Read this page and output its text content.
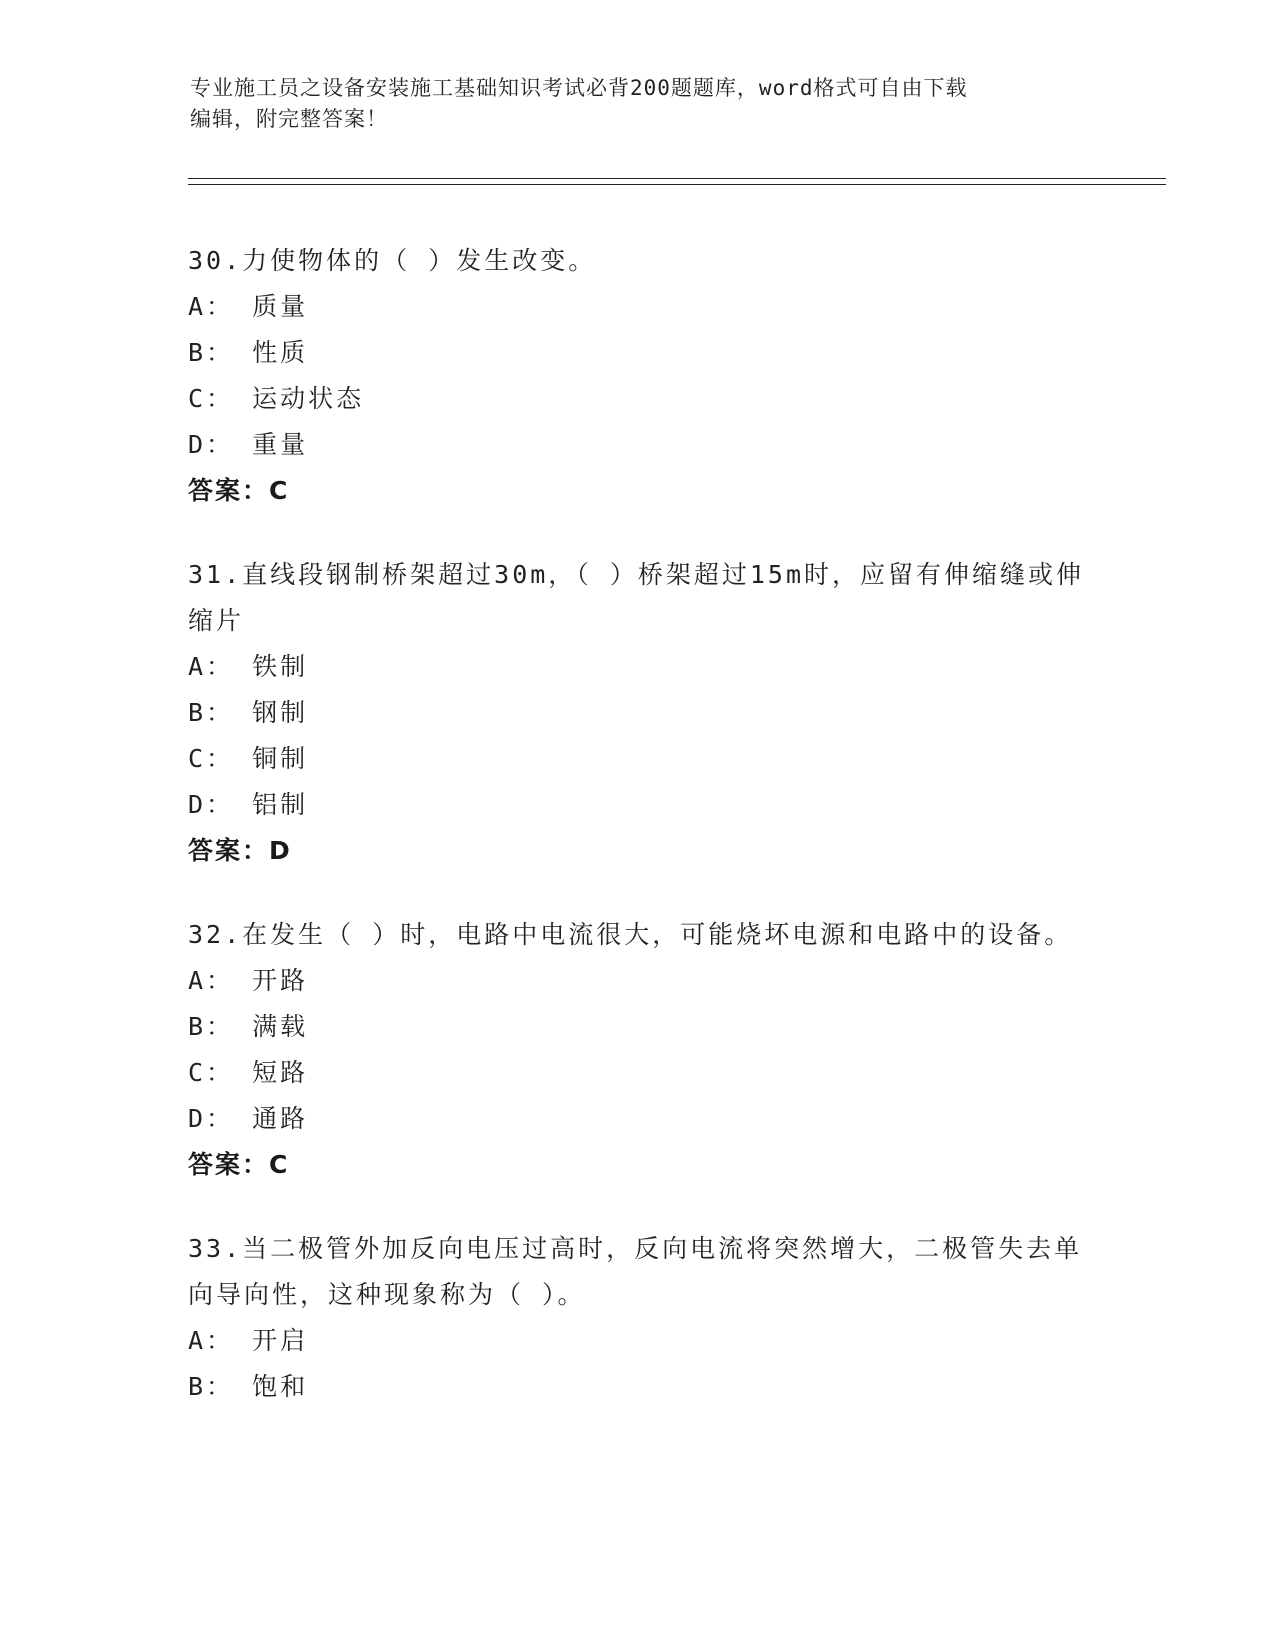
专业施工员之设备安装施工基础知识考试必背200题题库，word格式可自由下载
编辑，附完整答案！
30.力使物体的（ ）发生改变。
A： 质量
B： 性质
C： 运动状态
D： 重量
答案：C
31.直线段钢制桥架超过30m，（ ）桥架超过15m时，应留有伸缩缝或伸缩片
A： 铁制
B： 钢制
C： 铜制
D： 铝制
答案：D
32.在发生（ ）时，电路中电流很大，可能烧坏电源和电路中的设备。
A： 开路
B： 满载
C： 短路
D： 通路
答案：C
33.当二极管外加反向电压过高时，反向电流将突然增大，二极管失去单向导向性，这种现象称为（ ）。
A： 开启
B： 饱和
